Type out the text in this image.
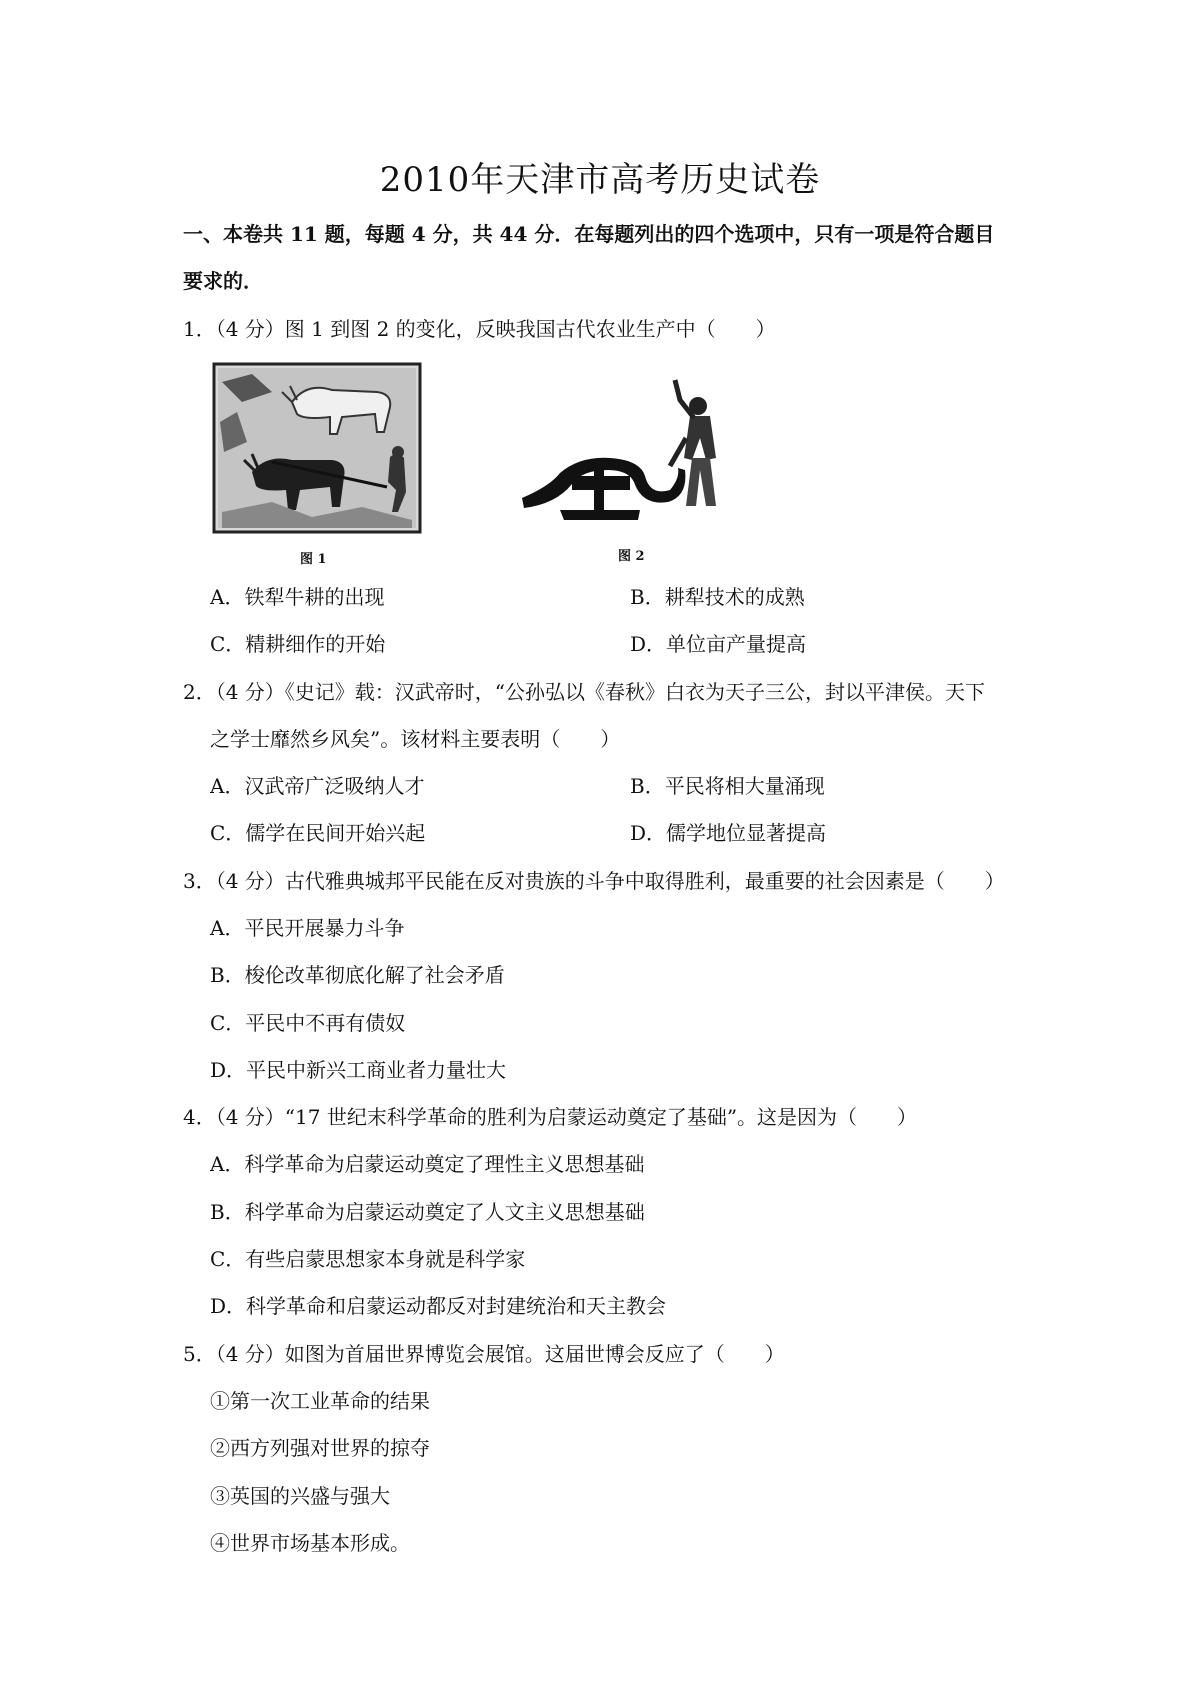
2010年天津市高考历史试卷
一、本卷共 11 题，每题 4 分，共 44 分．在每题列出的四个选项中，只有一项是符合题目
要求的．
1．（4 分）图 1 到图 2 的变化，反映我国古代农业生产中（　　）
图 1	图 2
A．铁犁牛耕的出现	B．耕犁技术的成熟
C．精耕细作的开始	D．单位亩产量提高
2．（4 分）《史记》载：汉武帝时，“公孙弘以《春秋》白衣为天子三公，封以平津侯。天下
之学士靡然乡风矣”。该材料主要表明（　　）
A．汉武帝广泛吸纳人才	B．平民将相大量涌现
C．儒学在民间开始兴起	D．儒学地位显著提高
3．（4 分）古代雅典城邦平民能在反对贵族的斗争中取得胜利，最重要的社会因素是（　　）
A．平民开展暴力斗争
B．梭伦改革彻底化解了社会矛盾
C．平民中不再有债奴
D．平民中新兴工商业者力量壮大
4．（4 分）“17 世纪末科学革命的胜利为启蒙运动奠定了基础”。这是因为（　　）
A．科学革命为启蒙运动奠定了理性主义思想基础
B．科学革命为启蒙运动奠定了人文主义思想基础
C．有些启蒙思想家本身就是科学家
D．科学革命和启蒙运动都反对封建统治和天主教会
5．（4 分）如图为首届世界博览会展馆。这届世博会反应了（　　）
①第一次工业革命的结果
②西方列强对世界的掠夺
③英国的兴盛与强大
④世界市场基本形成。
